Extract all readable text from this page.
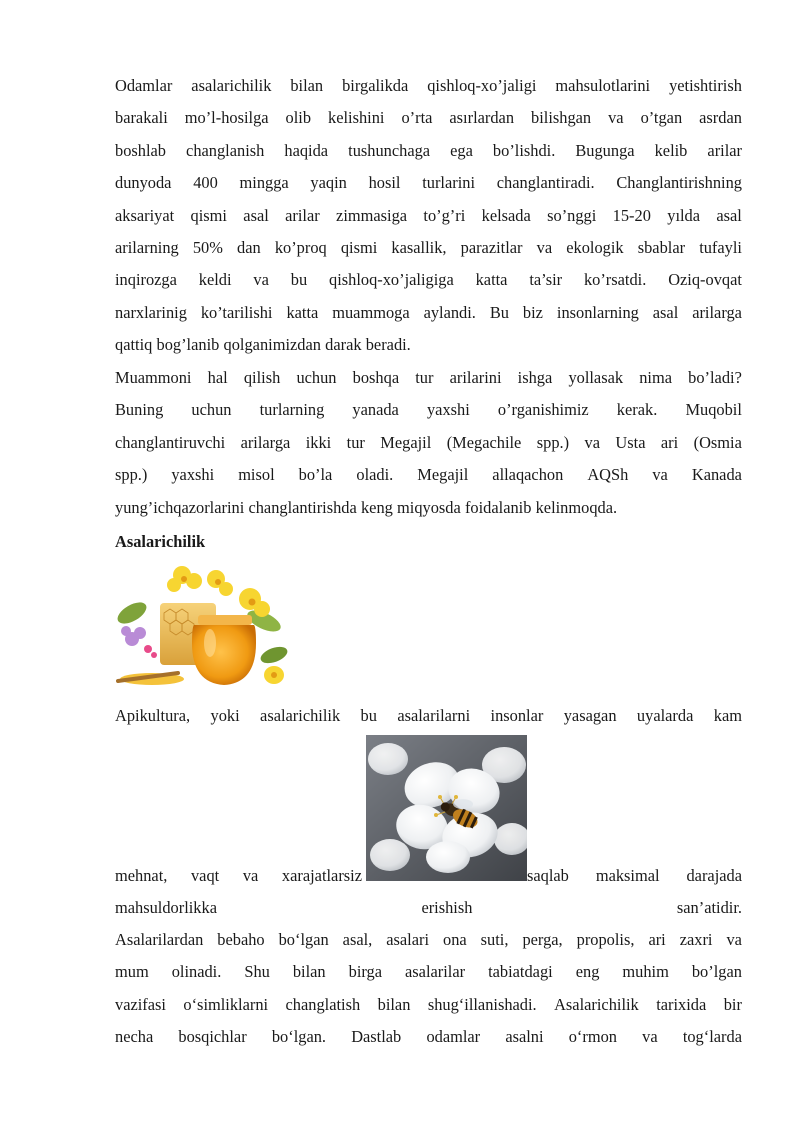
Odamlar asalarichilik bilan birgalikda qishloq-xo’jaligi mahsulotlarini yetishtirish
barakali mo’l-hosilga olib kelishini o’rta asırlardan bilishgan va o’tgan asrdan
boshlab changlanish haqida tushunchaga ega bo’lishdi. Bugunga kelib arilar
dunyoda 400 mingga yaqin hosil turlarini changlantiradi. Changlantirishning
aksariyat qismi asal arilar zimmasiga to’g’ri kelsada so’nggi 15-20 yılda asal
arilarning 50% dan ko’proq qismi kasallik, parazitlar va ekologik sbablar tufayli
inqirozga keldi va bu qishloq-xo’jaligiga katta ta’sir ko’rsatdi. Oziq-ovqat
narxlarinig ko’tarilishi katta muammoga aylandi. Bu biz insonlarning asal arilarga
qattiq bog’lanib qolganimizdan darak beradi.
Muammoni hal qilish uchun boshqa tur arilarini ishga yollasak nima bo’ladi?
Buning uchun turlarning yanada yaxshi o’rganishimiz kerak. Muqobil
changlantiruvchi arilarga ikki tur Megajil (Megachile spp.) va Usta ari (Osmia
spp.) yaxshi misol bo’la oladi. Megajil allaqachon AQSh va Kanada
yung’ichqazorlarini changlantirishda keng miqyosda foidalanib kelinmoqda.
Asalarichilik
Apikultura, yoki asalarichilik bu asalarilarni insonlar yasagan uyalarda kam
mehnat, vaqt va xarajatlarsiz	saqlab maksimal darajada
mahsuldorlikka	erishish	san’atidir.
Asalarilardan bebaho bo‘lgan asal, asalari ona suti, perga, propolis, ari zaxri va
mum olinadi. Shu bilan birga asalarilar tabiatdagi eng muhim bo’lgan
vazifasi o‘simliklarni changlatish bilan shug‘illanishadi. Asalarichilik tarixida bir
necha bosqichlar bo‘lgan. Dastlab odamlar asalni o‘rmon va tog‘larda
